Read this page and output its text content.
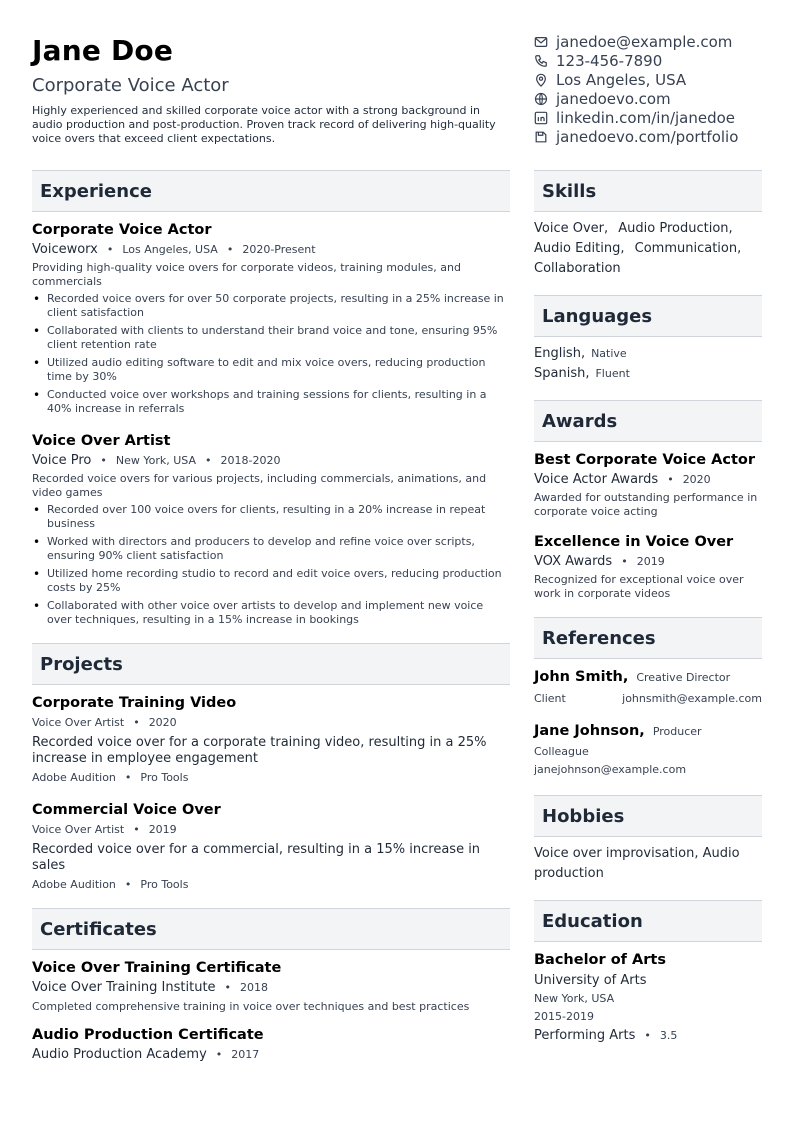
Jane Doe
Corporate Voice Actor
Highly experienced and skilled corporate voice actor with a strong background in audio production and post-production. Proven track record of delivering high-quality voice overs that exceed client expectations.
janedoe@example.com
123-456-7890
Los Angeles, USA
janedoevo.com
linkedin.com/in/janedoe
janedoevo.com/portfolio
Experience
Corporate Voice Actor
Voiceworx • Los Angeles, USA • 2020-Present
Providing high-quality voice overs for corporate videos, training modules, and commercials
• Recorded voice overs for over 50 corporate projects, resulting in a 25% increase in client satisfaction
• Collaborated with clients to understand their brand voice and tone, ensuring 95% client retention rate
• Utilized audio editing software to edit and mix voice overs, reducing production time by 30%
• Conducted voice over workshops and training sessions for clients, resulting in a 40% increase in referrals
Voice Over Artist
Voice Pro • New York, USA • 2018-2020
Recorded voice overs for various projects, including commercials, animations, and video games
• Recorded over 100 voice overs for clients, resulting in a 20% increase in repeat business
• Worked with directors and producers to develop and refine voice over scripts, ensuring 90% client satisfaction
• Utilized home recording studio to record and edit voice overs, reducing production costs by 25%
• Collaborated with other voice over artists to develop and implement new voice over techniques, resulting in a 15% increase in bookings
Projects
Corporate Training Video
Voice Over Artist • 2020
Recorded voice over for a corporate training video, resulting in a 25% increase in employee engagement
Adobe Audition • Pro Tools
Commercial Voice Over
Voice Over Artist • 2019
Recorded voice over for a commercial, resulting in a 15% increase in sales
Adobe Audition • Pro Tools
Certificates
Voice Over Training Certificate
Voice Over Training Institute • 2018
Completed comprehensive training in voice over techniques and best practices
Audio Production Certificate
Audio Production Academy • 2017
Skills
Voice Over, Audio Production, Audio Editing, Communication, Collaboration
Languages
English, Native
Spanish, Fluent
Awards
Best Corporate Voice Actor
Voice Actor Awards • 2020
Awarded for outstanding performance in corporate voice acting
Excellence in Voice Over
VOX Awards • 2019
Recognized for exceptional voice over work in corporate videos
References
John Smith, Creative Director
Client	johnsmith@example.com
Jane Johnson, Producer
Colleague
janejohnson@example.com
Hobbies
Voice over improvisation, Audio production
Education
Bachelor of Arts
University of Arts
New York, USA
2015-2019
Performing Arts • 3.5
